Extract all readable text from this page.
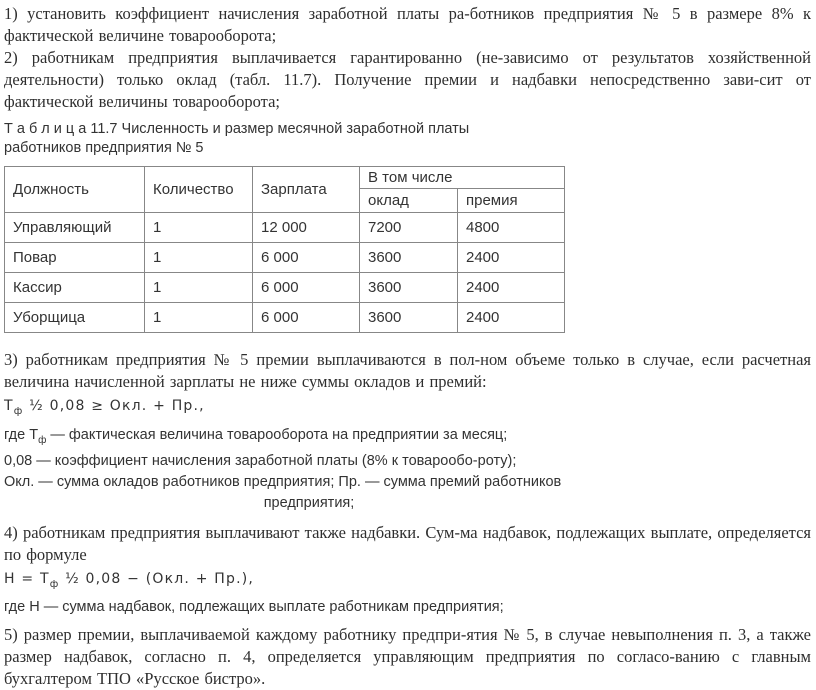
1) установить коэффициент начисления заработной платы ра-ботников предприятия № 5 в размере 8% к фактической величине товарооборота;

2) работникам предприятия выплачивается гарантированно (не-зависимо от результатов хозяйственной деятельности) только оклад (табл. 11.7). Получение премии и надбавки непосредственно зави-сит от фактической величины товарооборота;

Т а б л и ц а 11.7 Численность и размер месячной заработной платы
работников предприятия № 5
Должность	Количество	Зарплата	В том числе	
			оклад	премия
Управляющий	1	12 000	7200	4800
Повар	1	6 000	3600	2400
Кассир	1	6 000	3600	2400
Уборщица	1	6 000	3600	2400

3) работникам предприятия № 5 премии выплачиваются в пол-ном объеме только в случае, если расчетная величина начисленной зарплаты не ниже суммы окладов и премий:

$Т_ф$ ½ 0,08 ≥ Окл. + Пр.,
где $Т_ф$ — фактическая величина товарооборота на предприятии за месяц;
0,08 — коэффициент начисления заработной платы (8% к товарообо-роту);
Окл. — сумма окладов работников предприятия; Пр. — сумма премий работников
предприятия;

4) работникам предприятия выплачивают также надбавки. Сум-ма надбавок, подлежащих выплате, определяется по формуле

$Н = Т_ф$ ½ 0,08 − (Окл. + Пр.),
где Н — сумма надбавок, подлежащих выплате работникам предприятия;

5) размер премии, выплачиваемой каждому работнику предпри-ятия № 5, в случае невыполнения п. 3, а также размер надбавок, согласно п. 4, определяется управляющим предприятия по согласо-ванию с главным бухгалтером ТПО «Русское бистро».
